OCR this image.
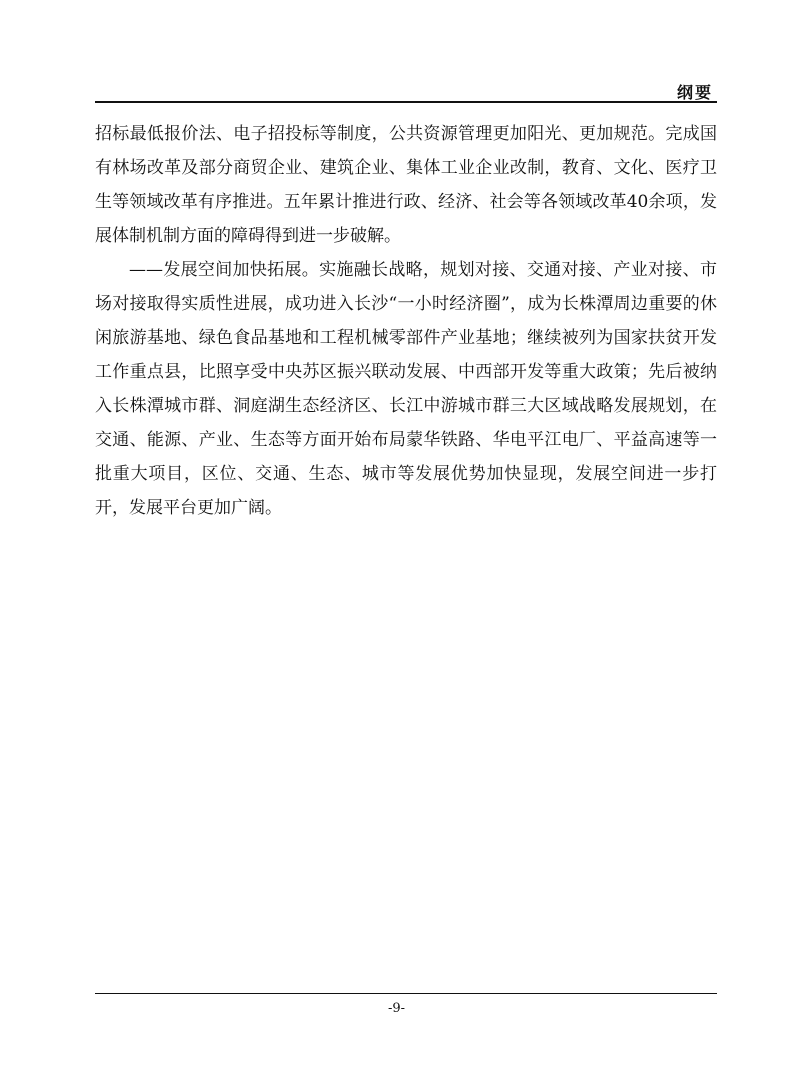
纲要

招标最低报价法、电子招投标等制度，公共资源管理更加阳光、更加规范。完成国有林场改革及部分商贸企业、建筑企业、集体工业企业改制，教育、文化、医疗卫生等领域改革有序推进。五年累计推进行政、经济、社会等各领域改革40余项，发展体制机制方面的障碍得到进一步破解。

——发展空间加快拓展。实施融长战略，规划对接、交通对接、产业对接、市场对接取得实质性进展，成功进入长沙“一小时经济圈”，成为长株潭周边重要的休闲旅游基地、绿色食品基地和工程机械零部件产业基地；继续被列为国家扶贫开发工作重点县，比照享受中央苏区振兴联动发展、中西部开发等重大政策；先后被纳入长株潭城市群、洞庭湖生态经济区、长江中游城市群三大区域战略发展规划，在交通、能源、产业、生态等方面开始布局蒙华铁路、华电平江电厂、平益高速等一批重大项目，区位、交通、生态、城市等发展优势加快显现，发展空间进一步打开，发展平台更加广阔。

-9-
